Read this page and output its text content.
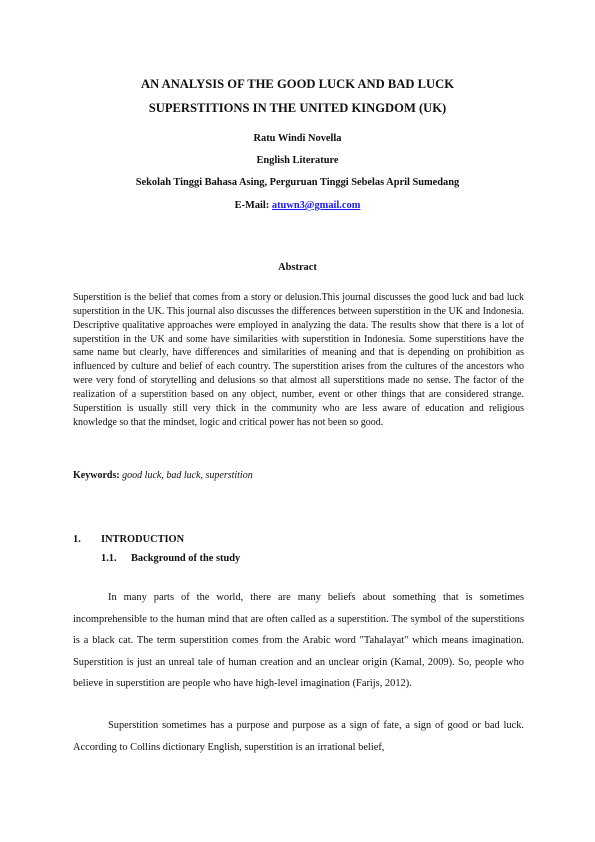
AN ANALYSIS OF THE GOOD LUCK AND BAD LUCK
SUPERSTITIONS IN THE UNITED KINGDOM (UK)
Ratu Windi Novella
English Literature
Sekolah Tinggi Bahasa Asing, Perguruan Tinggi Sebelas April Sumedang
E-Mail: atuwn3@gmail.com
Abstract

Superstition is the belief that comes from a story or delusion.This journal discusses the good luck and bad luck superstition in the UK. This journal also discusses the differences between superstition in the UK and Indonesia. Descriptive qualitative approaches were employed in analyzing the data. The results show that there is a lot of superstition in the UK and some have similarities with superstition in Indonesia. Some superstitions have the same name but clearly, have differences and similarities of meaning and that is depending on prohibition as influenced by culture and belief of each country. The superstition arises from the cultures of the ancestors who were very fond of storytelling and delusions so that almost all superstitions made no sense. The factor of the realization of a superstition based on any object, number, event or other things that are considered strange. Superstition is usually still very thick in the community who are less aware of education and religious knowledge so that the mindset, logic and critical power has not been so good.

Keywords: good luck, bad luck, superstition

1. INTRODUCTION
1.1. Background of the study

In many parts of the world, there are many beliefs about something that is sometimes incomprehensible to the human mind that are often called as a superstition. The symbol of the superstitions is a black cat. The term superstition comes from the Arabic word "Tahalayat" which means imagination. Superstition is just an unreal tale of human creation and an unclear origin (Kamal, 2009). So, people who believe in superstition are people who have high-level imagination (Farijs, 2012).

Superstition sometimes has a purpose and purpose as a sign of fate, a sign of good or bad luck. According to Collins dictionary English, superstition is an irrational belief,
